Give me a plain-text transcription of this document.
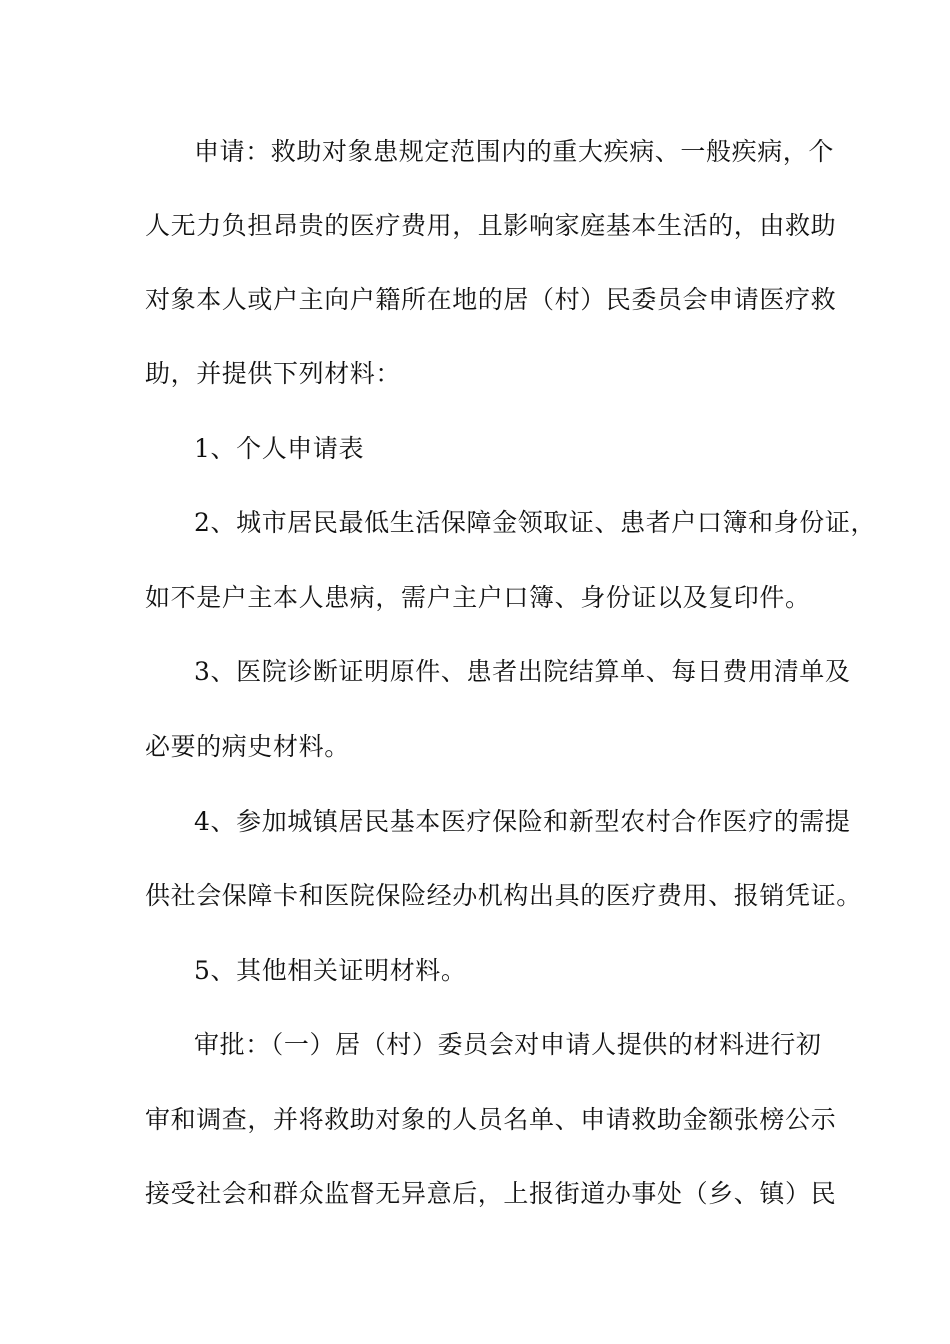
申请：救助对象患规定范围内的重大疾病、一般疾病，个
人无力负担昂贵的医疗费用，且影响家庭基本生活的，由救助
对象本人或户主向户籍所在地的居（村）民委员会申请医疗救
助，并提供下列材料：
1、个人申请表
2、城市居民最低生活保障金领取证、患者户口簿和身份证，
如不是户主本人患病，需户主户口簿、身份证以及复印件。
3、医院诊断证明原件、患者出院结算单、每日费用清单及
必要的病史材料。
4、参加城镇居民基本医疗保险和新型农村合作医疗的需提
供社会保障卡和医院保险经办机构出具的医疗费用、报销凭证。
5、其他相关证明材料。
审批：（一）居（村）委员会对申请人提供的材料进行初
审和调查，并将救助对象的人员名单、申请救助金额张榜公示
接受社会和群众监督无异意后，上报街道办事处（乡、镇）民
